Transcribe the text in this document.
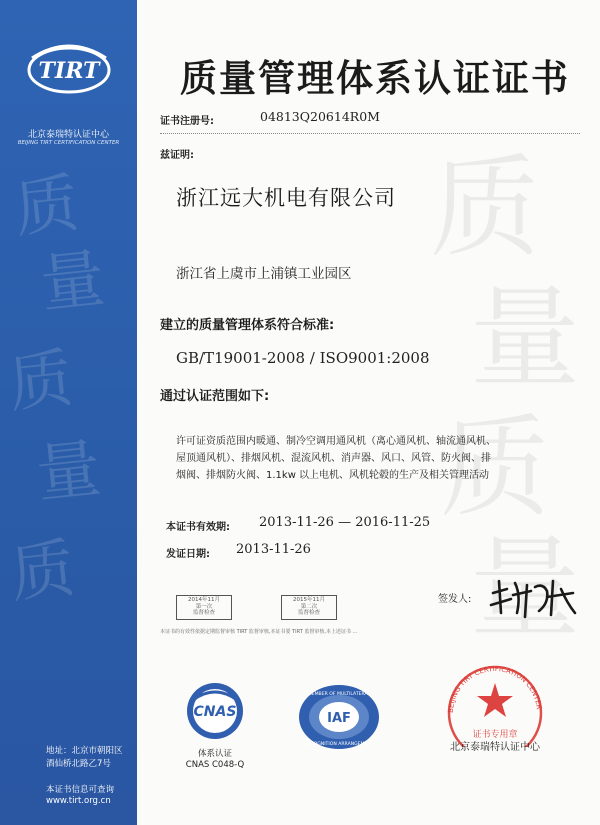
质
量
质
量
质
TIRT
北京泰瑞特认证中心
BEIJING TIRT CERTIFICATION CENTER
地址：北京市朝阳区
酒仙桥北路乙7号
本证书信息可查询
www.tirt.org.cn
质
量
质
量
质量管理体系认证证书
证书注册号:	04813Q20614R0M
兹证明:
浙江远大机电有限公司
浙江省上虞市上浦镇工业园区
建立的质量管理体系符合标准:
GB/T19001-2008 / ISO9001:2008
通过认证范围如下:
许可证资质范围内暖通、制冷空调用通风机（离心通风机、轴流通风机、
屋顶通风机）、排烟风机、混流风机、消声器、风口、风管、防火阀、排
烟阀、排烟防火阀、1.1kw 以上电机、风机轮毂的生产及相关管理活动
本证书有效期: 2013-11-26 — 2016-11-25
发证日期: 2013-11-26
2014年11月
第一次
监督检查
2015年11月
第二次
监督检查
本证书的有效性依据定期监督审核 TIRT 监督审核,本证书要 TIRT 监督审核,本上述证书 ...
签发人:
CNAS
体系认证
CNAS C048-Q
MEMBER OF MULTILATERAL
RECOGNITION ARRANGEMENT
IAF
BEIJING TIRT CERTIFICATION CENTER
证书专用章
北京泰瑞特认证中心
